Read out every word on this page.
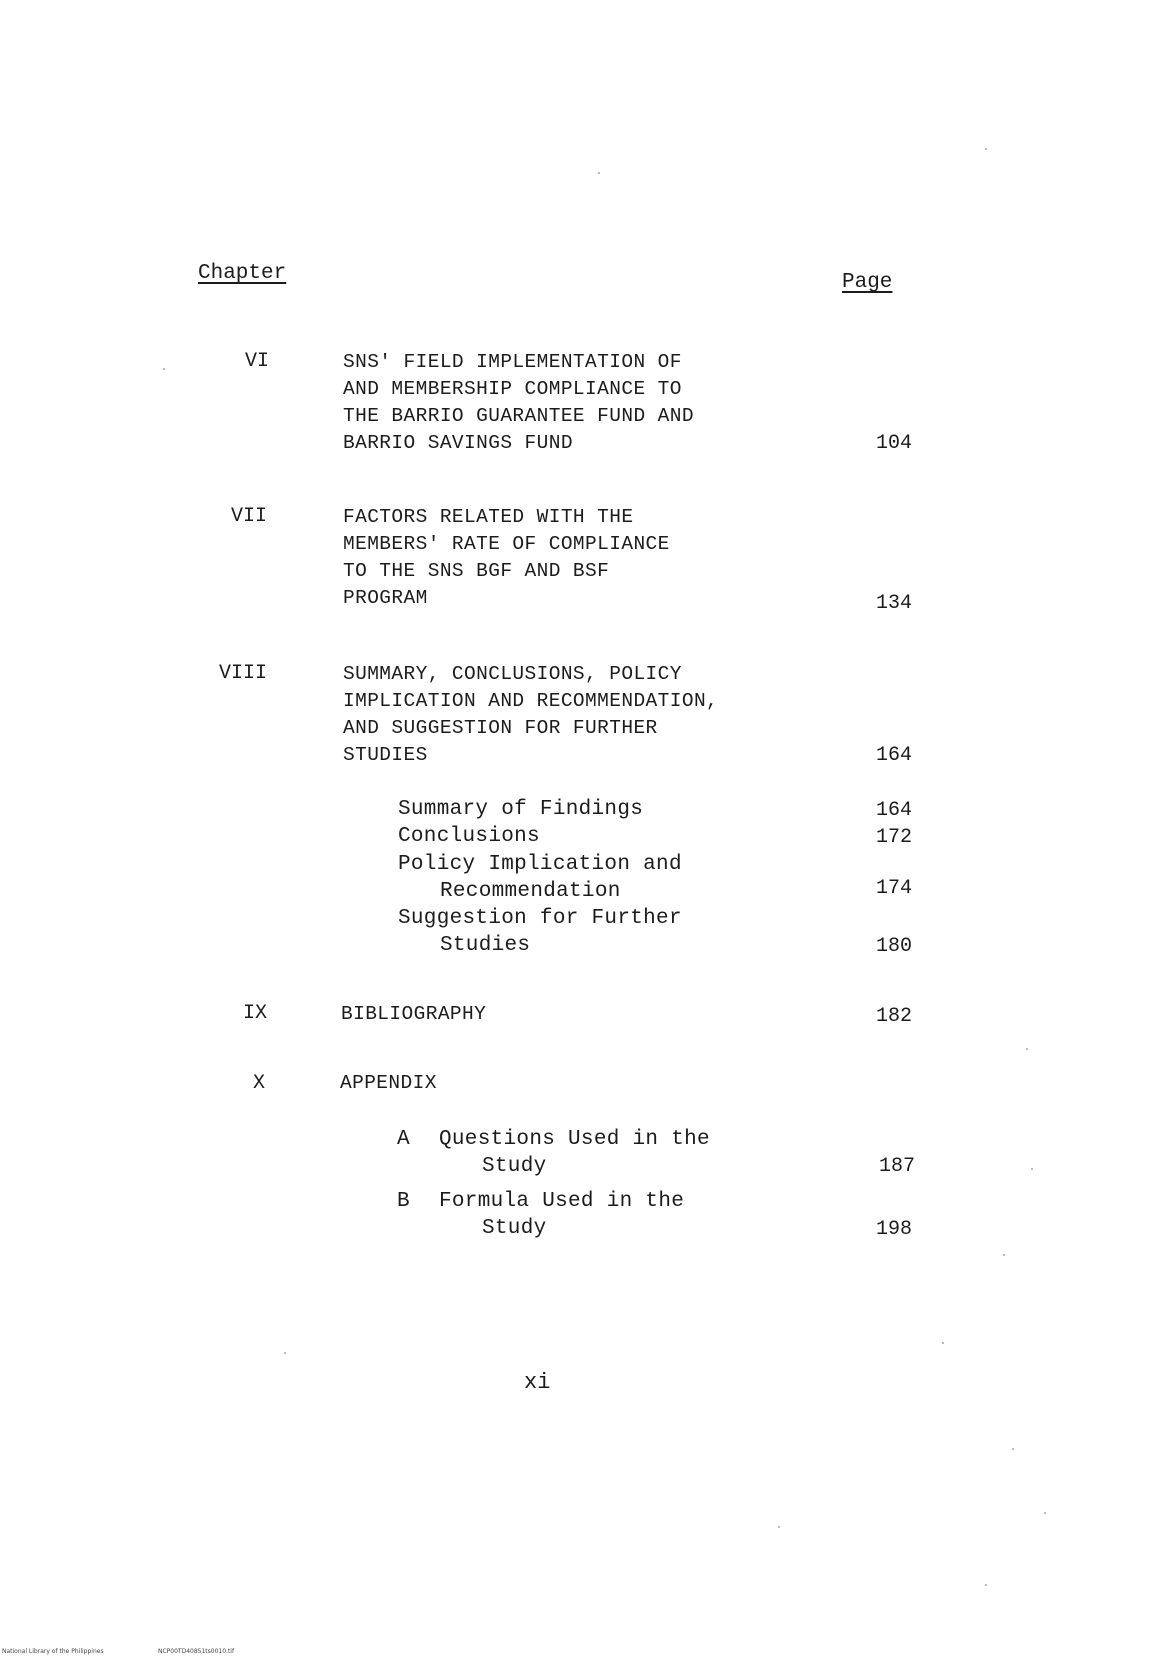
Chapter	Page
VI	SNS' FIELD IMPLEMENTATION OF
AND MEMBERSHIP COMPLIANCE TO
THE BARRIO GUARANTEE FUND AND
BARRIO SAVINGS FUND	104
VII	FACTORS RELATED WITH THE
MEMBERS' RATE OF COMPLIANCE
TO THE SNS BGF AND BSF
PROGRAM	134
VIII	SUMMARY, CONCLUSIONS, POLICY
IMPLICATION AND RECOMMENDATION,
AND SUGGESTION FOR FURTHER
STUDIES	164
Summary of Findings	164
Conclusions	172
Policy Implication and
Recommendation	174
Suggestion for Further
Studies	180
IX	BIBLIOGRAPHY	182
X	APPENDIX
A Questions Used in the
Study	187
B Formula Used in the
Study	198
xi
National Library of the Philippines	NCP00TD40851ts0010.tif
